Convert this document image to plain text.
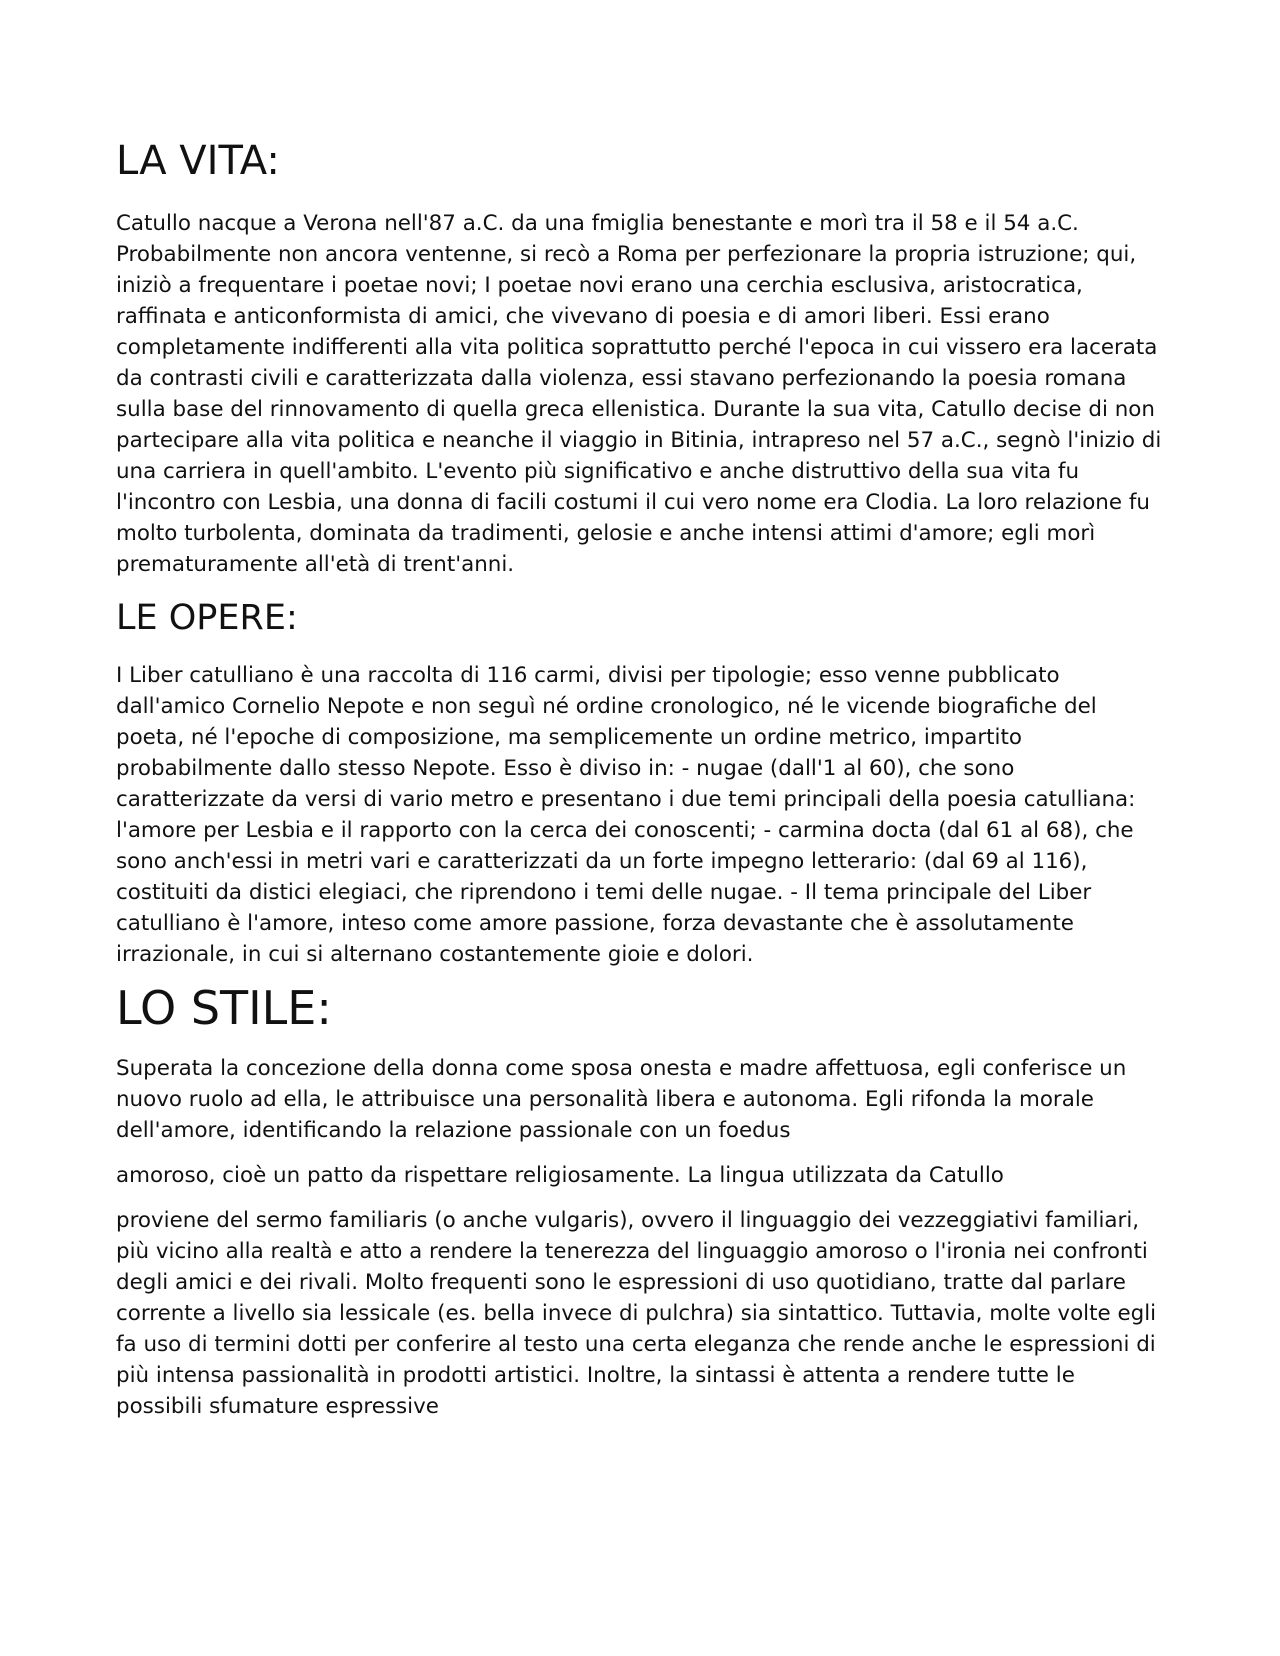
LA VITA:

Catullo nacque a Verona nell'87 a.C. da una fmiglia benestante e morì tra il 58 e il 54 a.C. Probabilmente non ancora ventenne, si recò a Roma per perfezionare la propria istruzione; qui, iniziò a frequentare i poetae novi; I poetae novi erano una cerchia esclusiva, aristocratica, raffinata e anticonformista di amici, che vivevano di poesia e di amori liberi. Essi erano completamente indifferenti alla vita politica soprattutto perché l'epoca in cui vissero era lacerata da contrasti civili e caratterizzata dalla violenza, essi stavano perfezionando la poesia romana sulla base del rinnovamento di quella greca ellenistica. Durante la sua vita, Catullo decise di non partecipare alla vita politica e neanche il viaggio in Bitinia, intrapreso nel 57 a.C., segnò l'inizio di una carriera in quell'ambito. L'evento più significativo e anche distruttivo della sua vita fu l'incontro con Lesbia, una donna di facili costumi il cui vero nome era Clodia. La loro relazione fu molto turbolenta, dominata da tradimenti, gelosie e anche intensi attimi d'amore; egli morì prematuramente all'età di trent'anni.

LE OPERE:

I Liber catulliano è una raccolta di 116 carmi, divisi per tipologie; esso venne pubblicato dall'amico Cornelio Nepote e non seguì né ordine cronologico, né le vicende biografiche del poeta, né l'epoche di composizione, ma semplicemente un ordine metrico, impartito probabilmente dallo stesso Nepote. Esso è diviso in: - nugae (dall'1 al 60), che sono caratterizzate da versi di vario metro e presentano i due temi principali della poesia catulliana: l'amore per Lesbia e il rapporto con la cerca dei conoscenti; - carmina docta (dal 61 al 68), che sono anch'essi in metri vari e caratterizzati da un forte impegno letterario: (dal 69 al 116), costituiti da distici elegiaci, che riprendono i temi delle nugae. - Il tema principale del Liber catulliano è l'amore, inteso come amore passione, forza devastante che è assolutamente irrazionale, in cui si alternano costantemente gioie e dolori.

LO STILE:

Superata la concezione della donna come sposa onesta e madre affettuosa, egli conferisce un nuovo ruolo ad ella, le attribuisce una personalità libera e autonoma. Egli rifonda la morale dell'amore, identificando la relazione passionale con un foedus

amoroso, cioè un patto da rispettare religiosamente. La lingua utilizzata da Catullo

proviene del sermo familiaris (o anche vulgaris), ovvero il linguaggio dei vezzeggiativi familiari, più vicino alla realtà e atto a rendere la tenerezza del linguaggio amoroso o l'ironia nei confronti degli amici e dei rivali. Molto frequenti sono le espressioni di uso quotidiano, tratte dal parlare corrente a livello sia lessicale (es. bella invece di pulchra) sia sintattico. Tuttavia, molte volte egli fa uso di termini dotti per conferire al testo una certa eleganza che rende anche le espressioni di più intensa passionalità in prodotti artistici. Inoltre, la sintassi è attenta a rendere tutte le possibili sfumature espressive
